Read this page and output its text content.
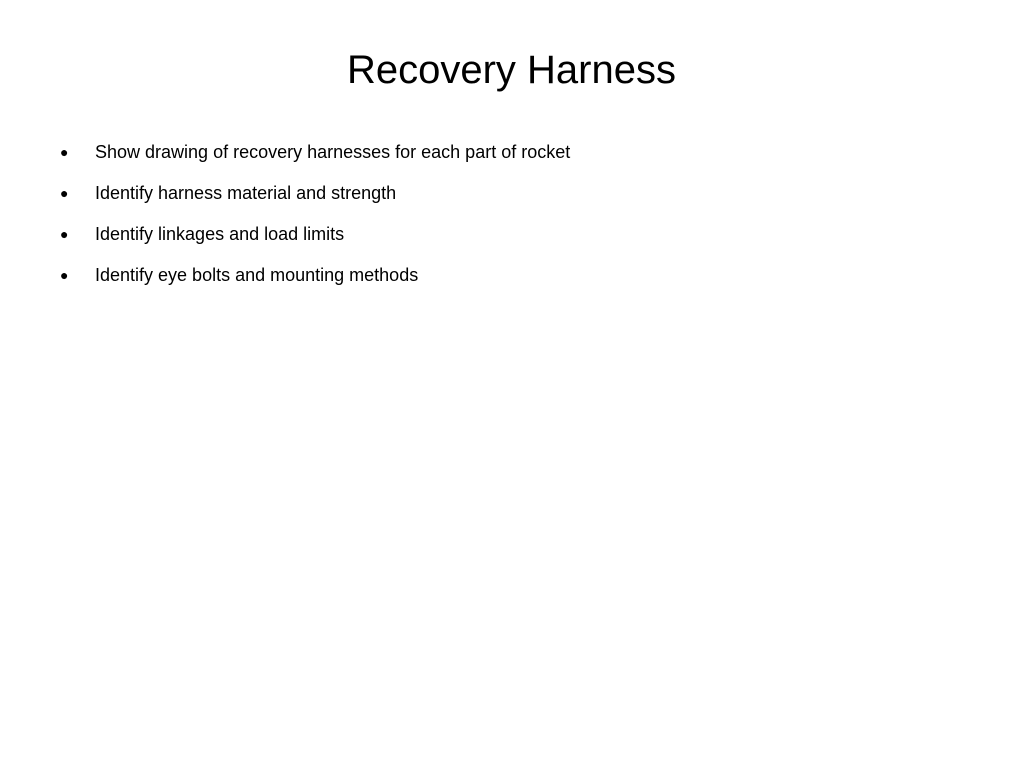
Recovery Harness
●	Show drawing of recovery harnesses for each part of rocket
●	Identify harness material and strength
●	Identify linkages and load limits
●	Identify eye bolts and mounting methods
